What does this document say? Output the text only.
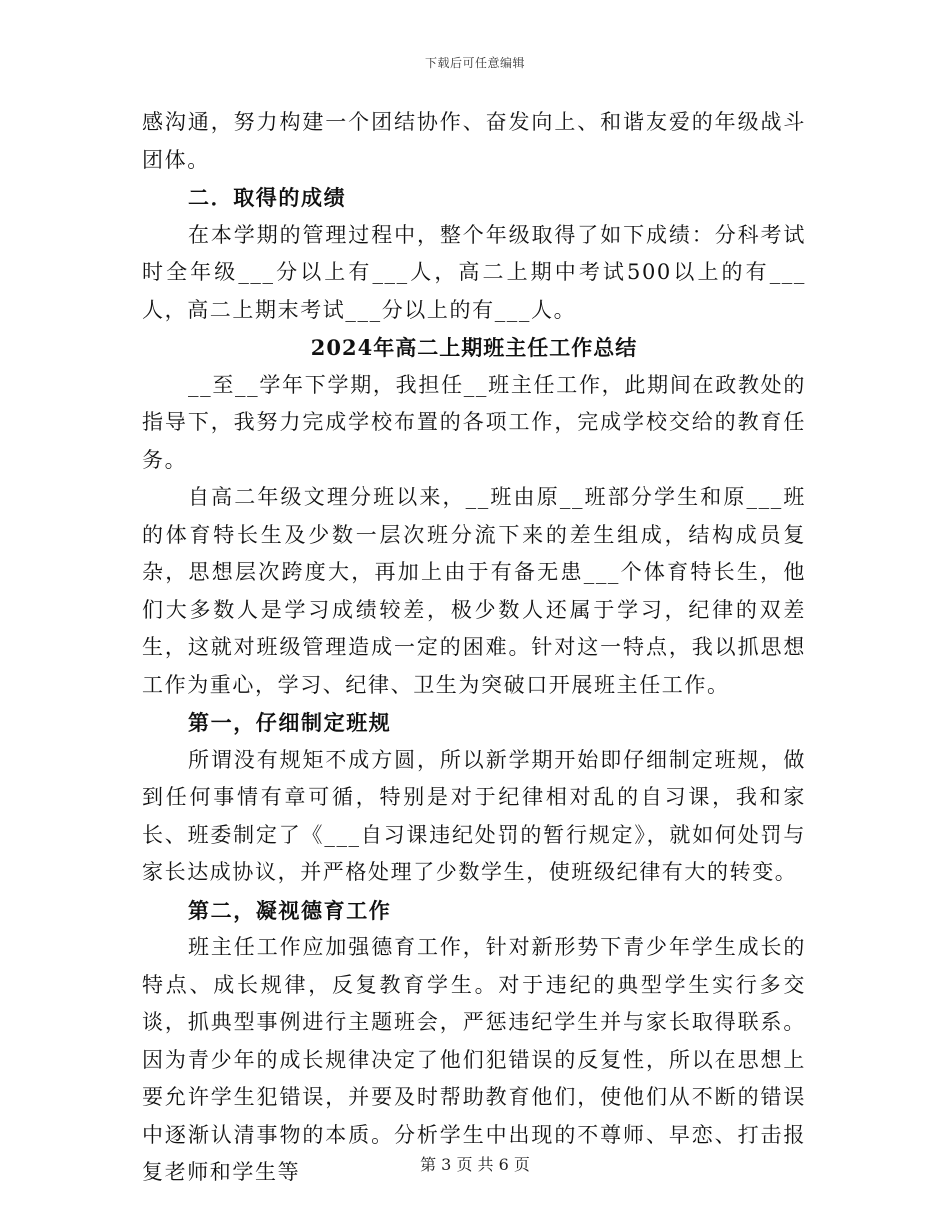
下载后可任意编辑

感沟通，努力构建一个团结协作、奋发向上、和谐友爱的年级战斗团体。

二．取得的成绩

在本学期的管理过程中，整个年级取得了如下成绩：分科考试时全年级___分以上有___人，高二上期中考试500以上的有___人，高二上期末考试___分以上的有___人。

2024年高二上期班主任工作总结

__至__学年下学期，我担任__班主任工作，此期间在政教处的指导下，我努力完成学校布置的各项工作，完成学校交给的教育任务。

自高二年级文理分班以来，__班由原__班部分学生和原___班的体育特长生及少数一层次班分流下来的差生组成，结构成员复杂，思想层次跨度大，再加上由于有备无患___个体育特长生，他们大多数人是学习成绩较差，极少数人还属于学习，纪律的双差生，这就对班级管理造成一定的困难。针对这一特点，我以抓思想工作为重心，学习、纪律、卫生为突破口开展班主任工作。

第一，仔细制定班规

所谓没有规矩不成方圆，所以新学期开始即仔细制定班规，做到任何事情有章可循，特别是对于纪律相对乱的自习课，我和家长、班委制定了《___自习课违纪处罚的暂行规定》，就如何处罚与家长达成协议，并严格处理了少数学生，使班级纪律有大的转变。

第二，凝视德育工作

班主任工作应加强德育工作，针对新形势下青少年学生成长的特点、成长规律，反复教育学生。对于违纪的典型学生实行多交谈，抓典型事例进行主题班会，严惩违纪学生并与家长取得联系。因为青少年的成长规律决定了他们犯错误的反复性，所以在思想上要允许学生犯错误，并要及时帮助教育他们，使他们从不断的错误中逐渐认清事物的本质。分析学生中出现的不尊师、早恋、打击报复老师和学生等	第 3 页 共 6 页
